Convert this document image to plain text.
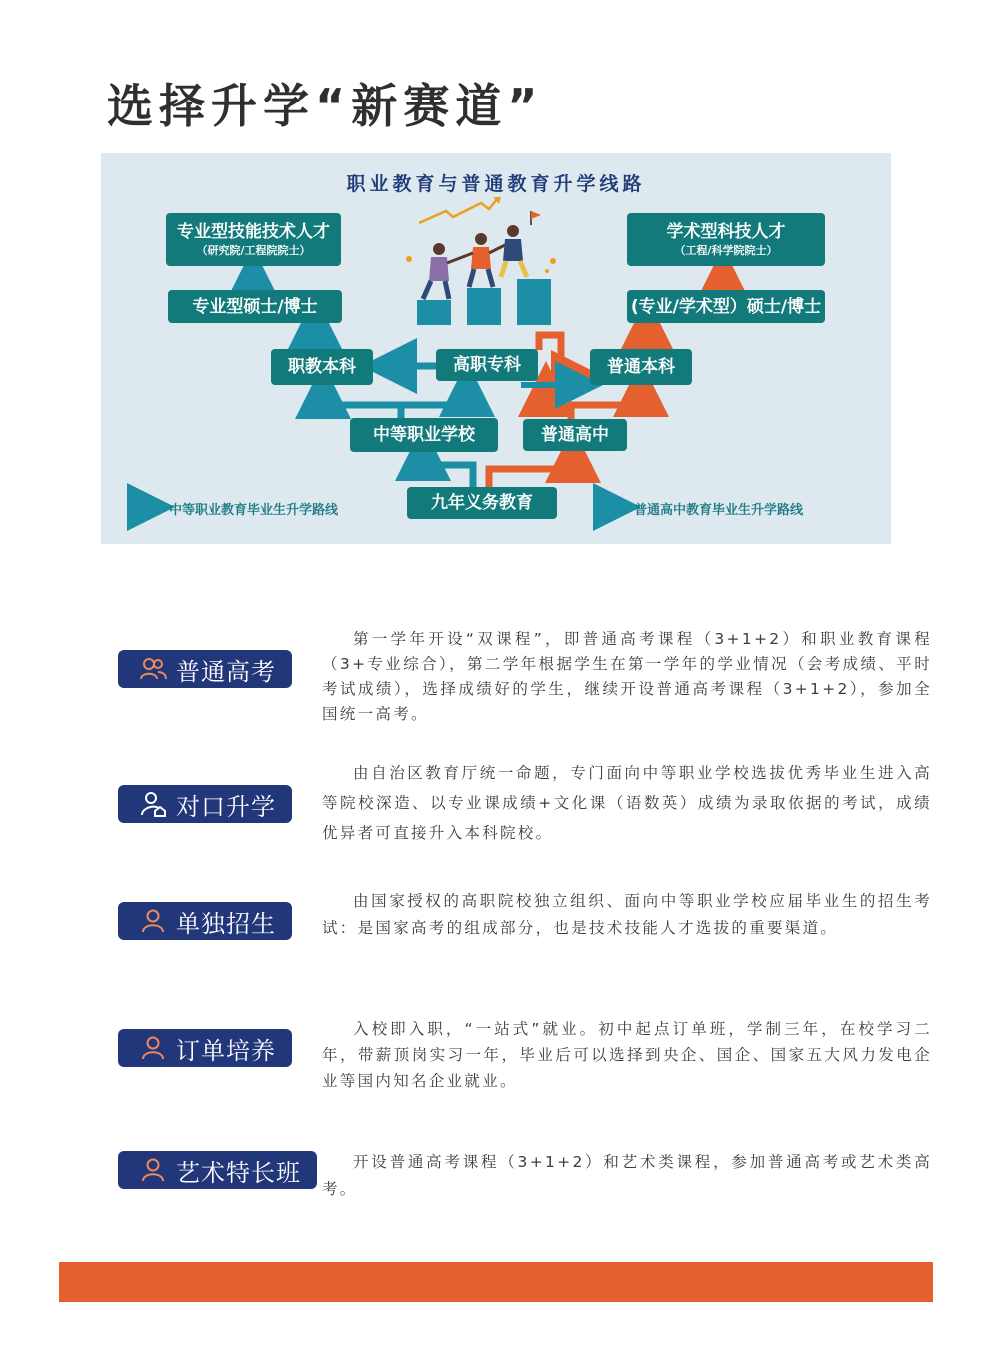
选择升学“新赛道”
职业教育与普通教育升学线路
专业型技能技术人才
（研究院/工程院院士）
学术型科技人才
（工程/科学院院士）
专业型硕士/博士	(专业/学术型）硕士/博士
职教本科	高职专科	普通本科
中等职业学校	普通高中
九年义务教育
中等职业教育毕业生升学路线	普通高中教育毕业生升学路线
普通高考

第一学年开设“双课程”，即普通高考课程（3+1+2）和职业教育课程（3+专业综合），第二学年根据学生在第一学年的学业情况（会考成绩、平时考试成绩），选择成绩好的学生，继续开设普通高考课程（3+1+2），参加全国统一高考。

对口升学

由自治区教育厅统一命题，专门面向中等职业学校选拔优秀毕业生进入高等院校深造、以专业课成绩+文化课（语数英）成绩为录取依据的考试，成绩优异者可直接升入本科院校。

单独招生

由国家授权的高职院校独立组织、面向中等职业学校应届毕业生的招生考试：是国家高考的组成部分，也是技术技能人才选拔的重要渠道。

订单培养

入校即入职，“一站式”就业。初中起点订单班，学制三年，在校学习二年，带薪顶岗实习一年，毕业后可以选择到央企、国企、国家五大风力发电企业等国内知名企业就业。

艺术特长班	开设普通高考课程（3+1+2）和艺术类课程，参加普通高考或艺术类高考。
